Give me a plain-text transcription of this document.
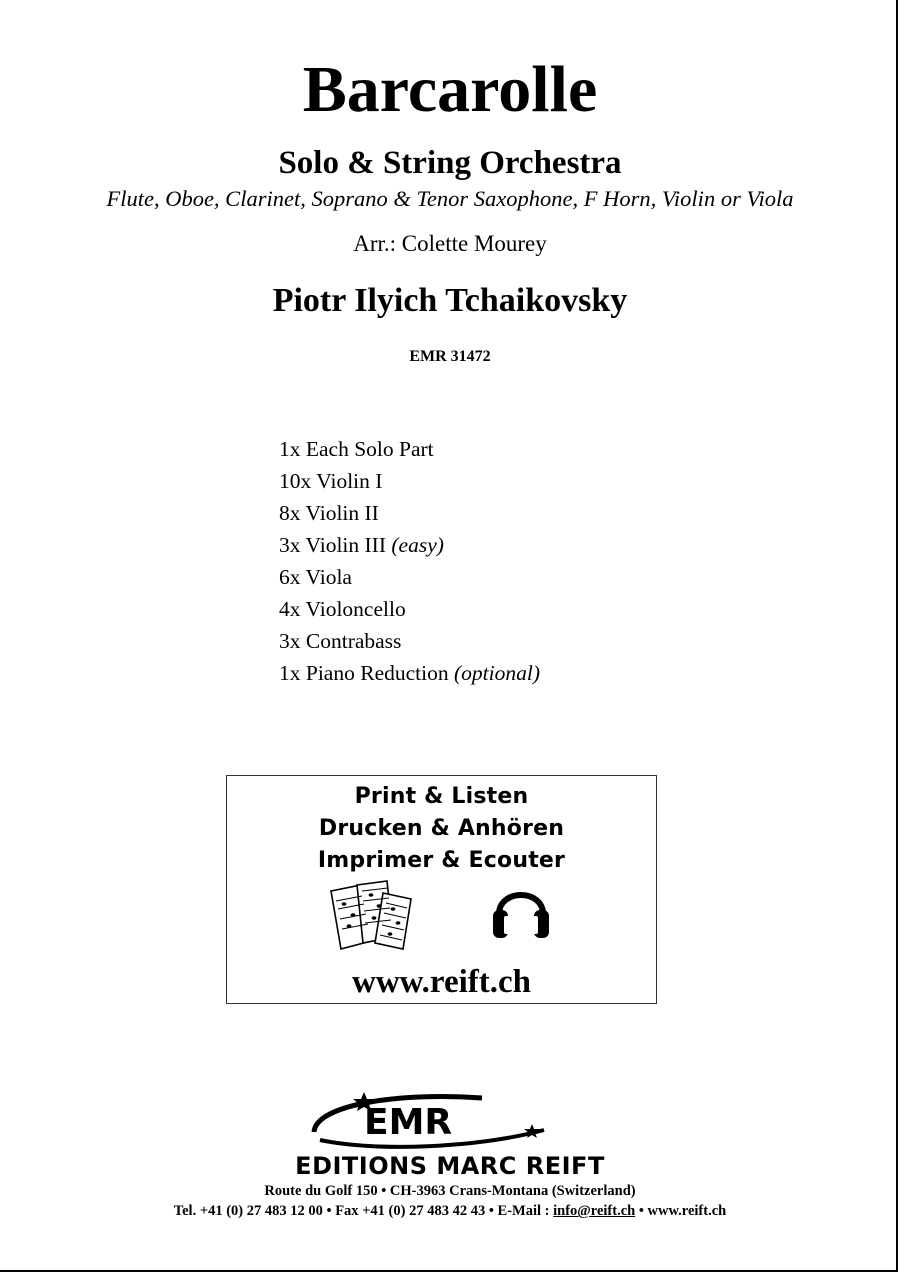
Barcarolle
Solo & String Orchestra
Flute, Oboe, Clarinet, Soprano & Tenor Saxophone, F Horn, Violin or Viola
Arr.: Colette Mourey
Piotr Ilyich Tchaikovsky
EMR 31472
1x Each Solo Part
10x Violin I
8x Violin II
3x Violin III (easy)
6x Viola
4x Violoncello
3x Contrabass
1x Piano Reduction (optional)
Print & Listen
Drucken & Anhören
Imprimer & Ecouter
www.reift.ch
EMR
EDITIONS MARC REIFT
Route du Golf 150 • CH-3963 Crans-Montana (Switzerland)
Tel. +41 (0) 27 483 12 00 • Fax +41 (0) 27 483 42 43 • E-Mail : info@reift.ch • www.reift.ch
